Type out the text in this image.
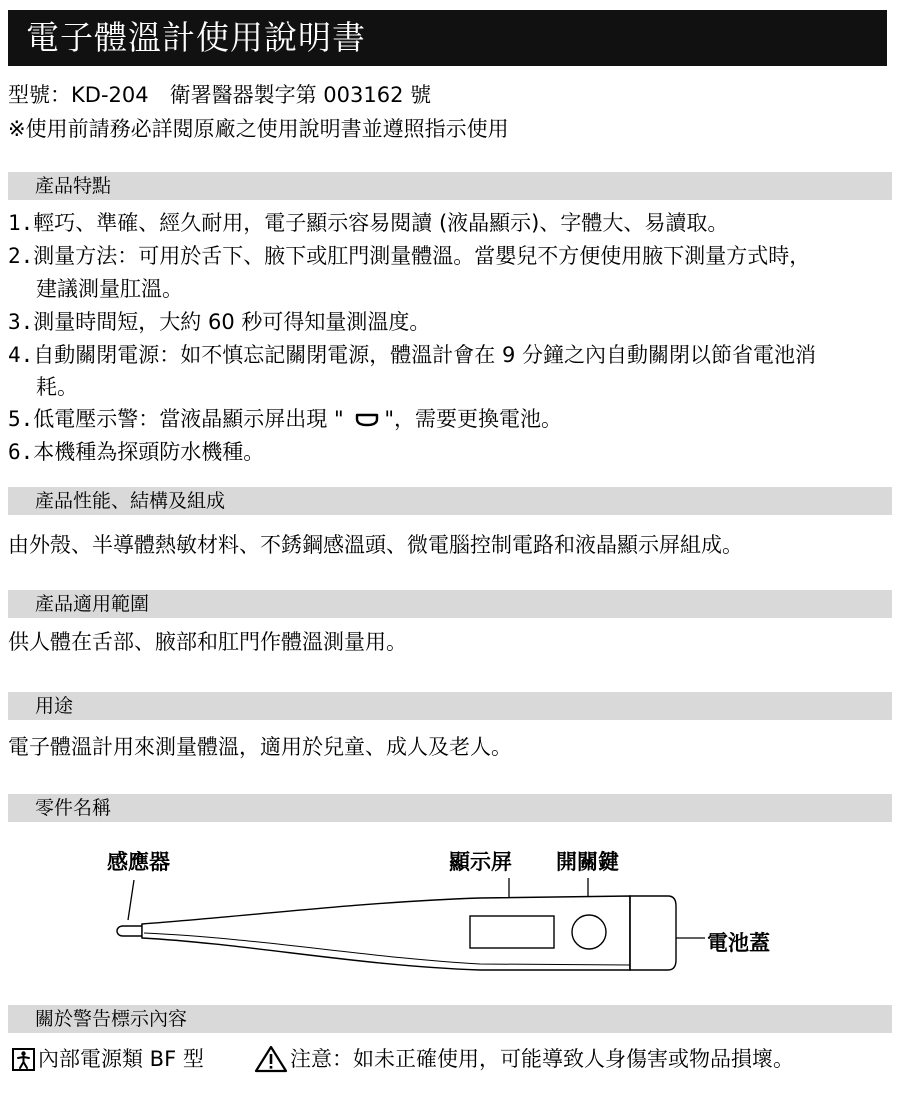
電子體溫計使用說明書
型號：KD-204　衛署醫器製字第 003162 號
※使用前請務必詳閱原廠之使用說明書並遵照指示使用
產品特點
1.輕巧、準確、經久耐用，電子顯示容易閱讀 (液晶顯示)、字體大、易讀取。
2.測量方法：可用於舌下、腋下或肛門測量體溫。當嬰兒不方便使用腋下測量方式時，
建議測量肛溫。
3.測量時間短，大約 60 秒可得知量測溫度。
4.自動關閉電源：如不慎忘記關閉電源，體溫計會在 9 分鐘之內自動關閉以節省電池消
耗。
5.低電壓示警：當液晶顯示屏出現 " "，需要更換電池。
6.本機種為探頭防水機種。
產品性能、結構及組成
由外殼、半導體熱敏材料、不銹鋼感溫頭、微電腦控制電路和液晶顯示屏組成。
產品適用範圍
供人體在舌部、腋部和肛門作體溫測量用。
用途
電子體溫計用來測量體溫，適用於兒童、成人及老人。
零件名稱
感應器	顯示屏 開關鍵
電池蓋
關於警告標示內容
內部電源類 BF 型	注意：如未正確使用，可能導致人身傷害或物品損壞。
